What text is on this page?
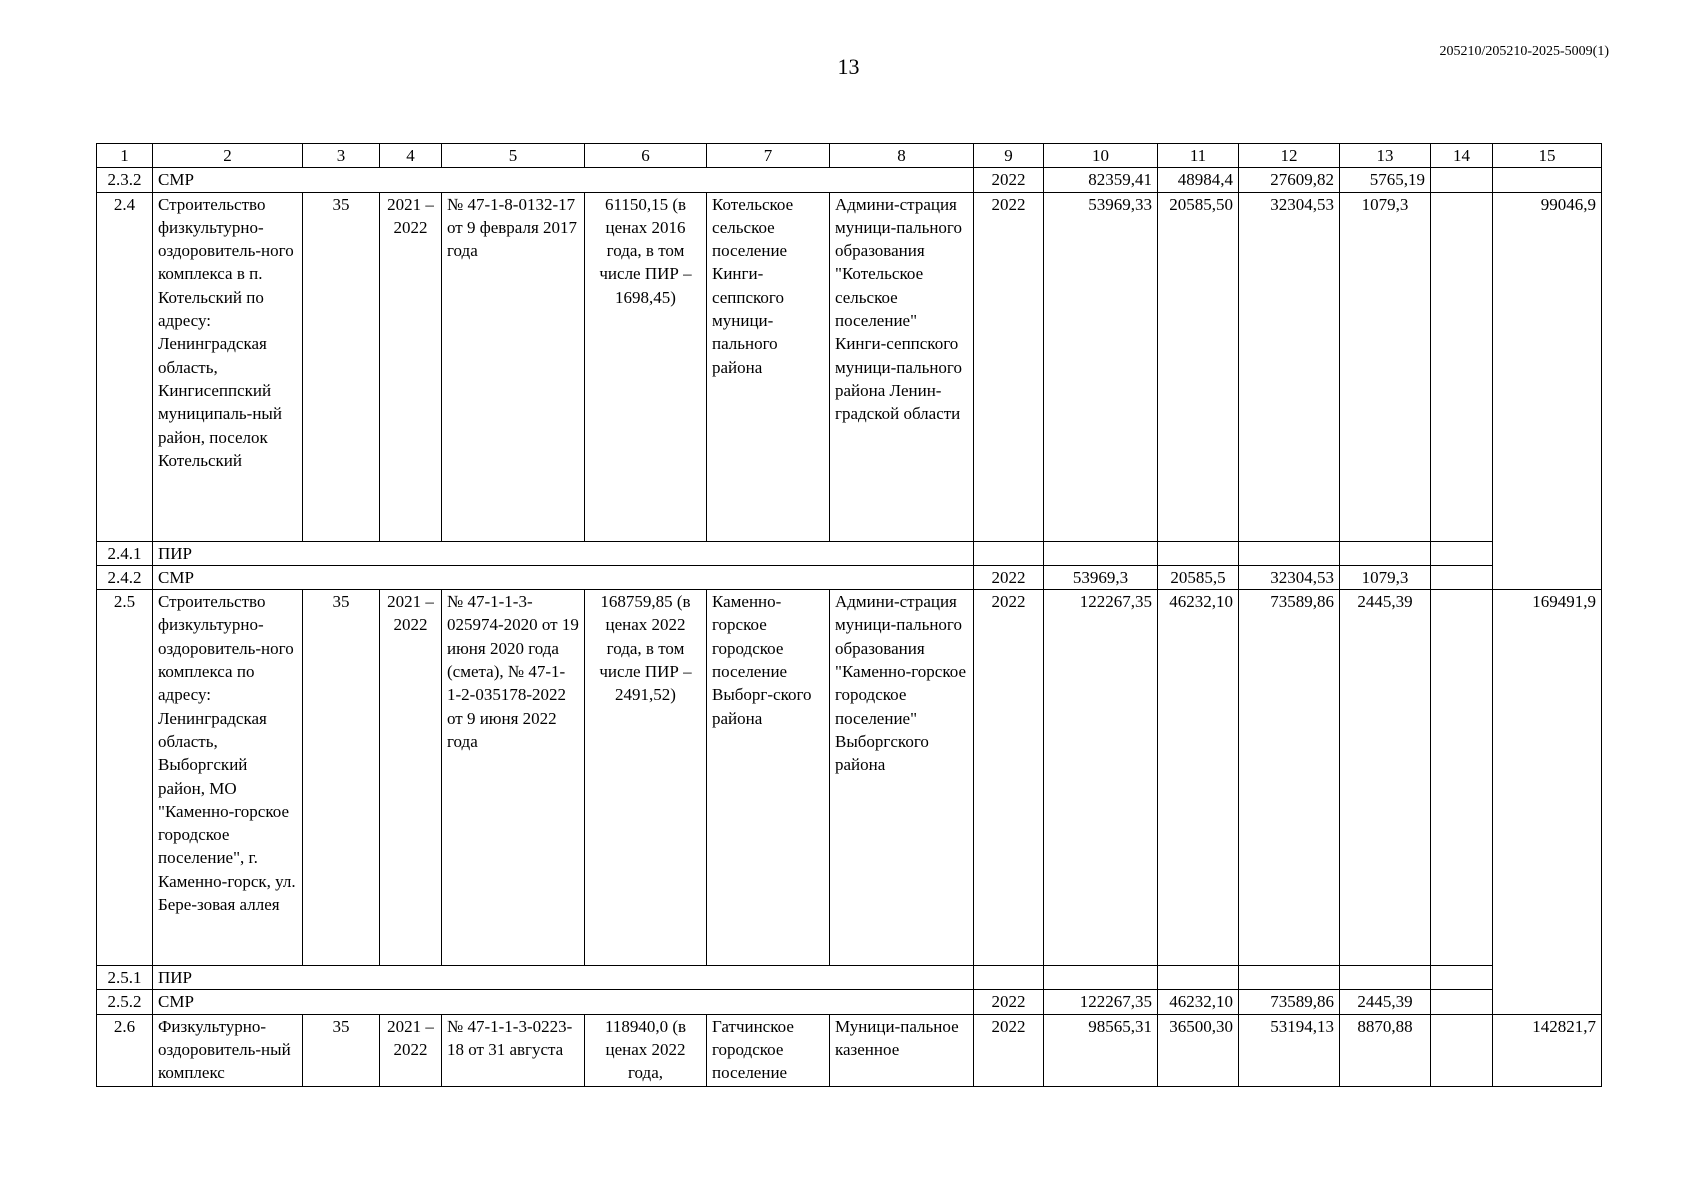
13
205210/205210-2025-5009(1)
1	2	3	4	5	6	7	8	9	10	11	12	13	14	15
2.3.2	СМР							2022	82359,41	48984,4	27609,82	5765,19		
2.4	Строительство физкультурно-оздоровитель-ного комплекса в п. Котельский по адресу: Ленинградская область, Кингисеппский муниципаль-ный район, поселок Котельский	35	2021 – 2022	№ 47-1-8-0132-17 от 9 февраля 2017 года	61150,15 (в ценах 2016 года, в том числе ПИР – 1698,45)	Котельское сельское поселение Кинги-сеппского муници-пального района	Админи-страция муници-пального образования "Котельское сельское поселение" Кинги-сеппского муници-пального района Ленин-градской области	2022	53969,33	20585,50	32304,53	1079,3		99046,9
2.4.1	ПИР													
2.4.2	СМР							2022	53969,3	20585,5	32304,53	1079,3		
2.5	Строительство физкультурно-оздоровитель-ного комплекса по адресу: Ленинградская область, Выборгский район, МО "Каменно-горское городское поселение", г. Каменно-горск, ул. Бере-зовая аллея	35	2021 – 2022	№ 47-1-1-3-025974-2020 от 19 июня 2020 года (смета), № 47-1-1-2-035178-2022 от 9 июня 2022 года	168759,85 (в ценах 2022 года, в том числе ПИР – 2491,52)	Каменно-горское городское поселение Выборг-ского района	Админи-страция муници-пального образования "Каменно-горское городское поселение" Выборгского района	2022	122267,35	46232,10	73589,86	2445,39		169491,9
2.5.1	ПИР													
2.5.2	СМР							2022	122267,35	46232,10	73589,86	2445,39		
2.6	Физкультурно-оздоровитель-ный комплекс	35	2021 – 2022	№ 47-1-1-3-0223-18 от 31 августа	118940,0 (в ценах 2022 года,	Гатчинское городское поселение	Муници-пальное казенное	2022	98565,31	36500,30	53194,13	8870,88		142821,7
